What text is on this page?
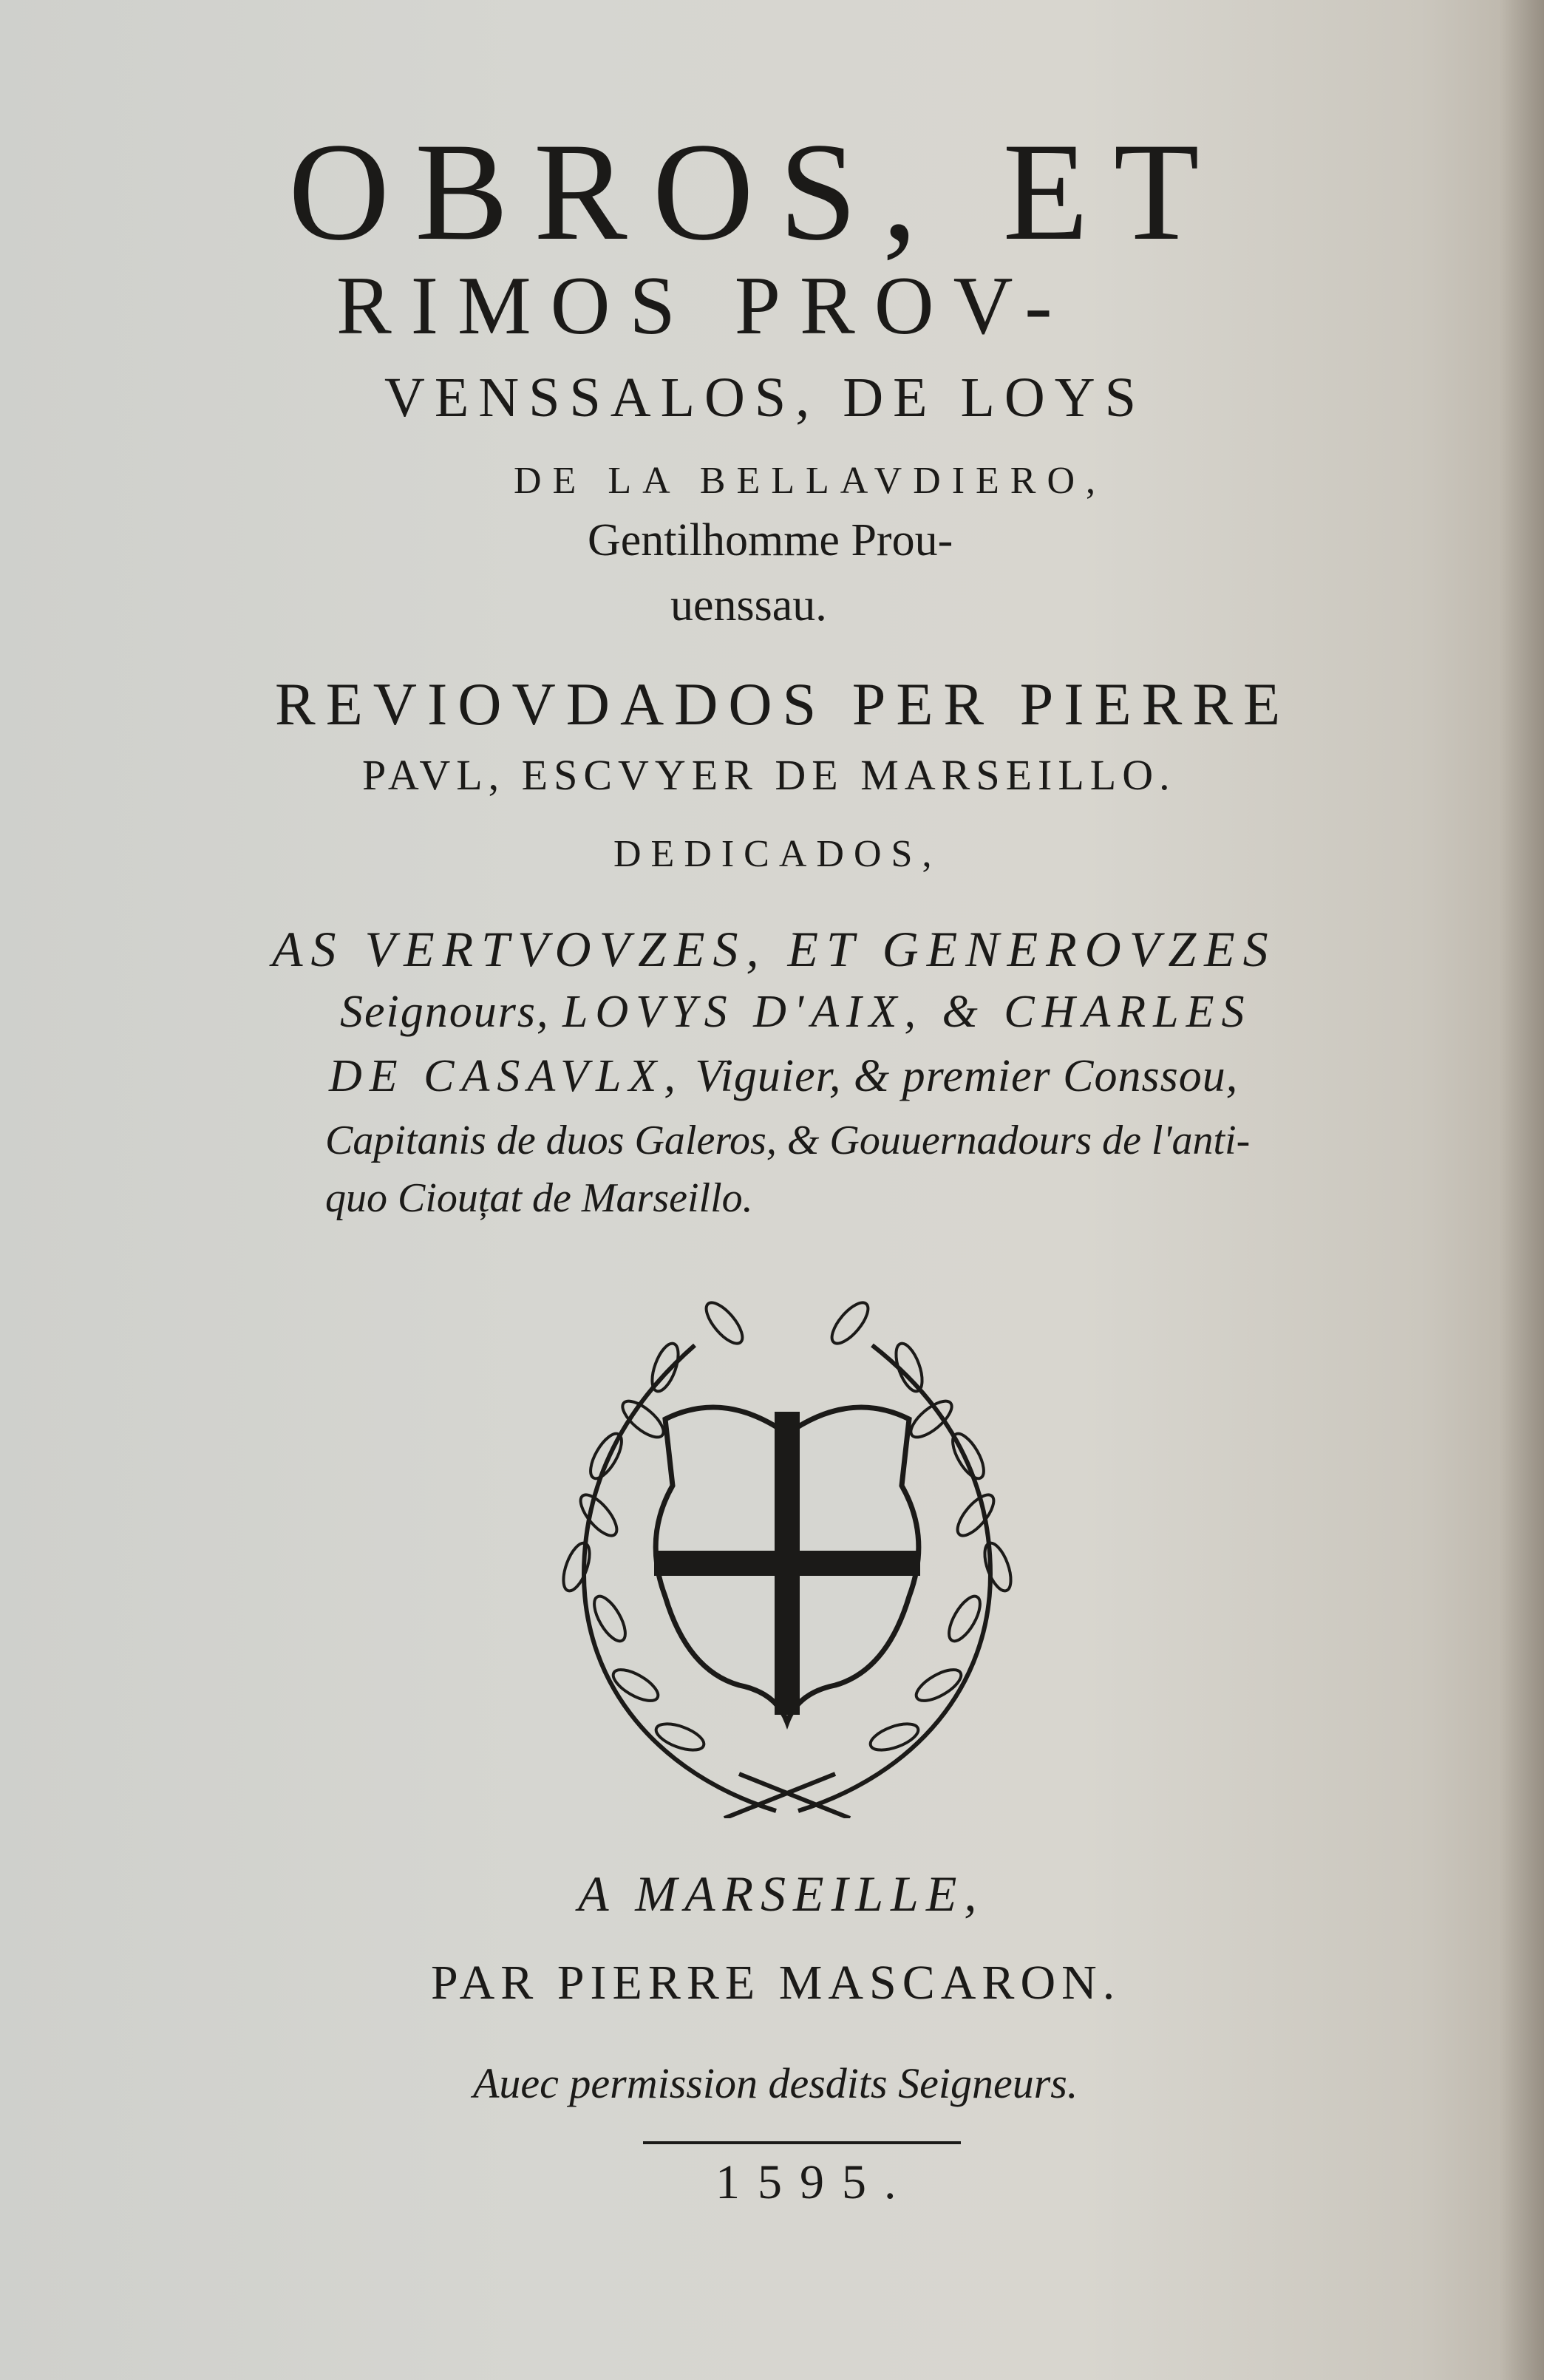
OBROS, ET
RIMOS PROV-
VENSSALOS, DE LOYS
DE LA BELLAVDIERO,
Gentilhomme Prou-
uenssau.
REVIOVDADOS PER PIERRE
PAVL, ESCVYER DE MARSEILLO.
DEDICADOS,
AS VERTVOVZES, ET GENEROVZES
Seignours, LOVYS D'AIX, & CHARLES
DE CASAVLX, Viguier, & premier Conssou,
Capitanis de duos Galeros, & Gouuernadours de l'anti-
quo Ciouțat de Marseillo.
A MARSEILLE,
PAR PIERRE MASCARON.
Auec permission desdits Seigneurs.
1595.
